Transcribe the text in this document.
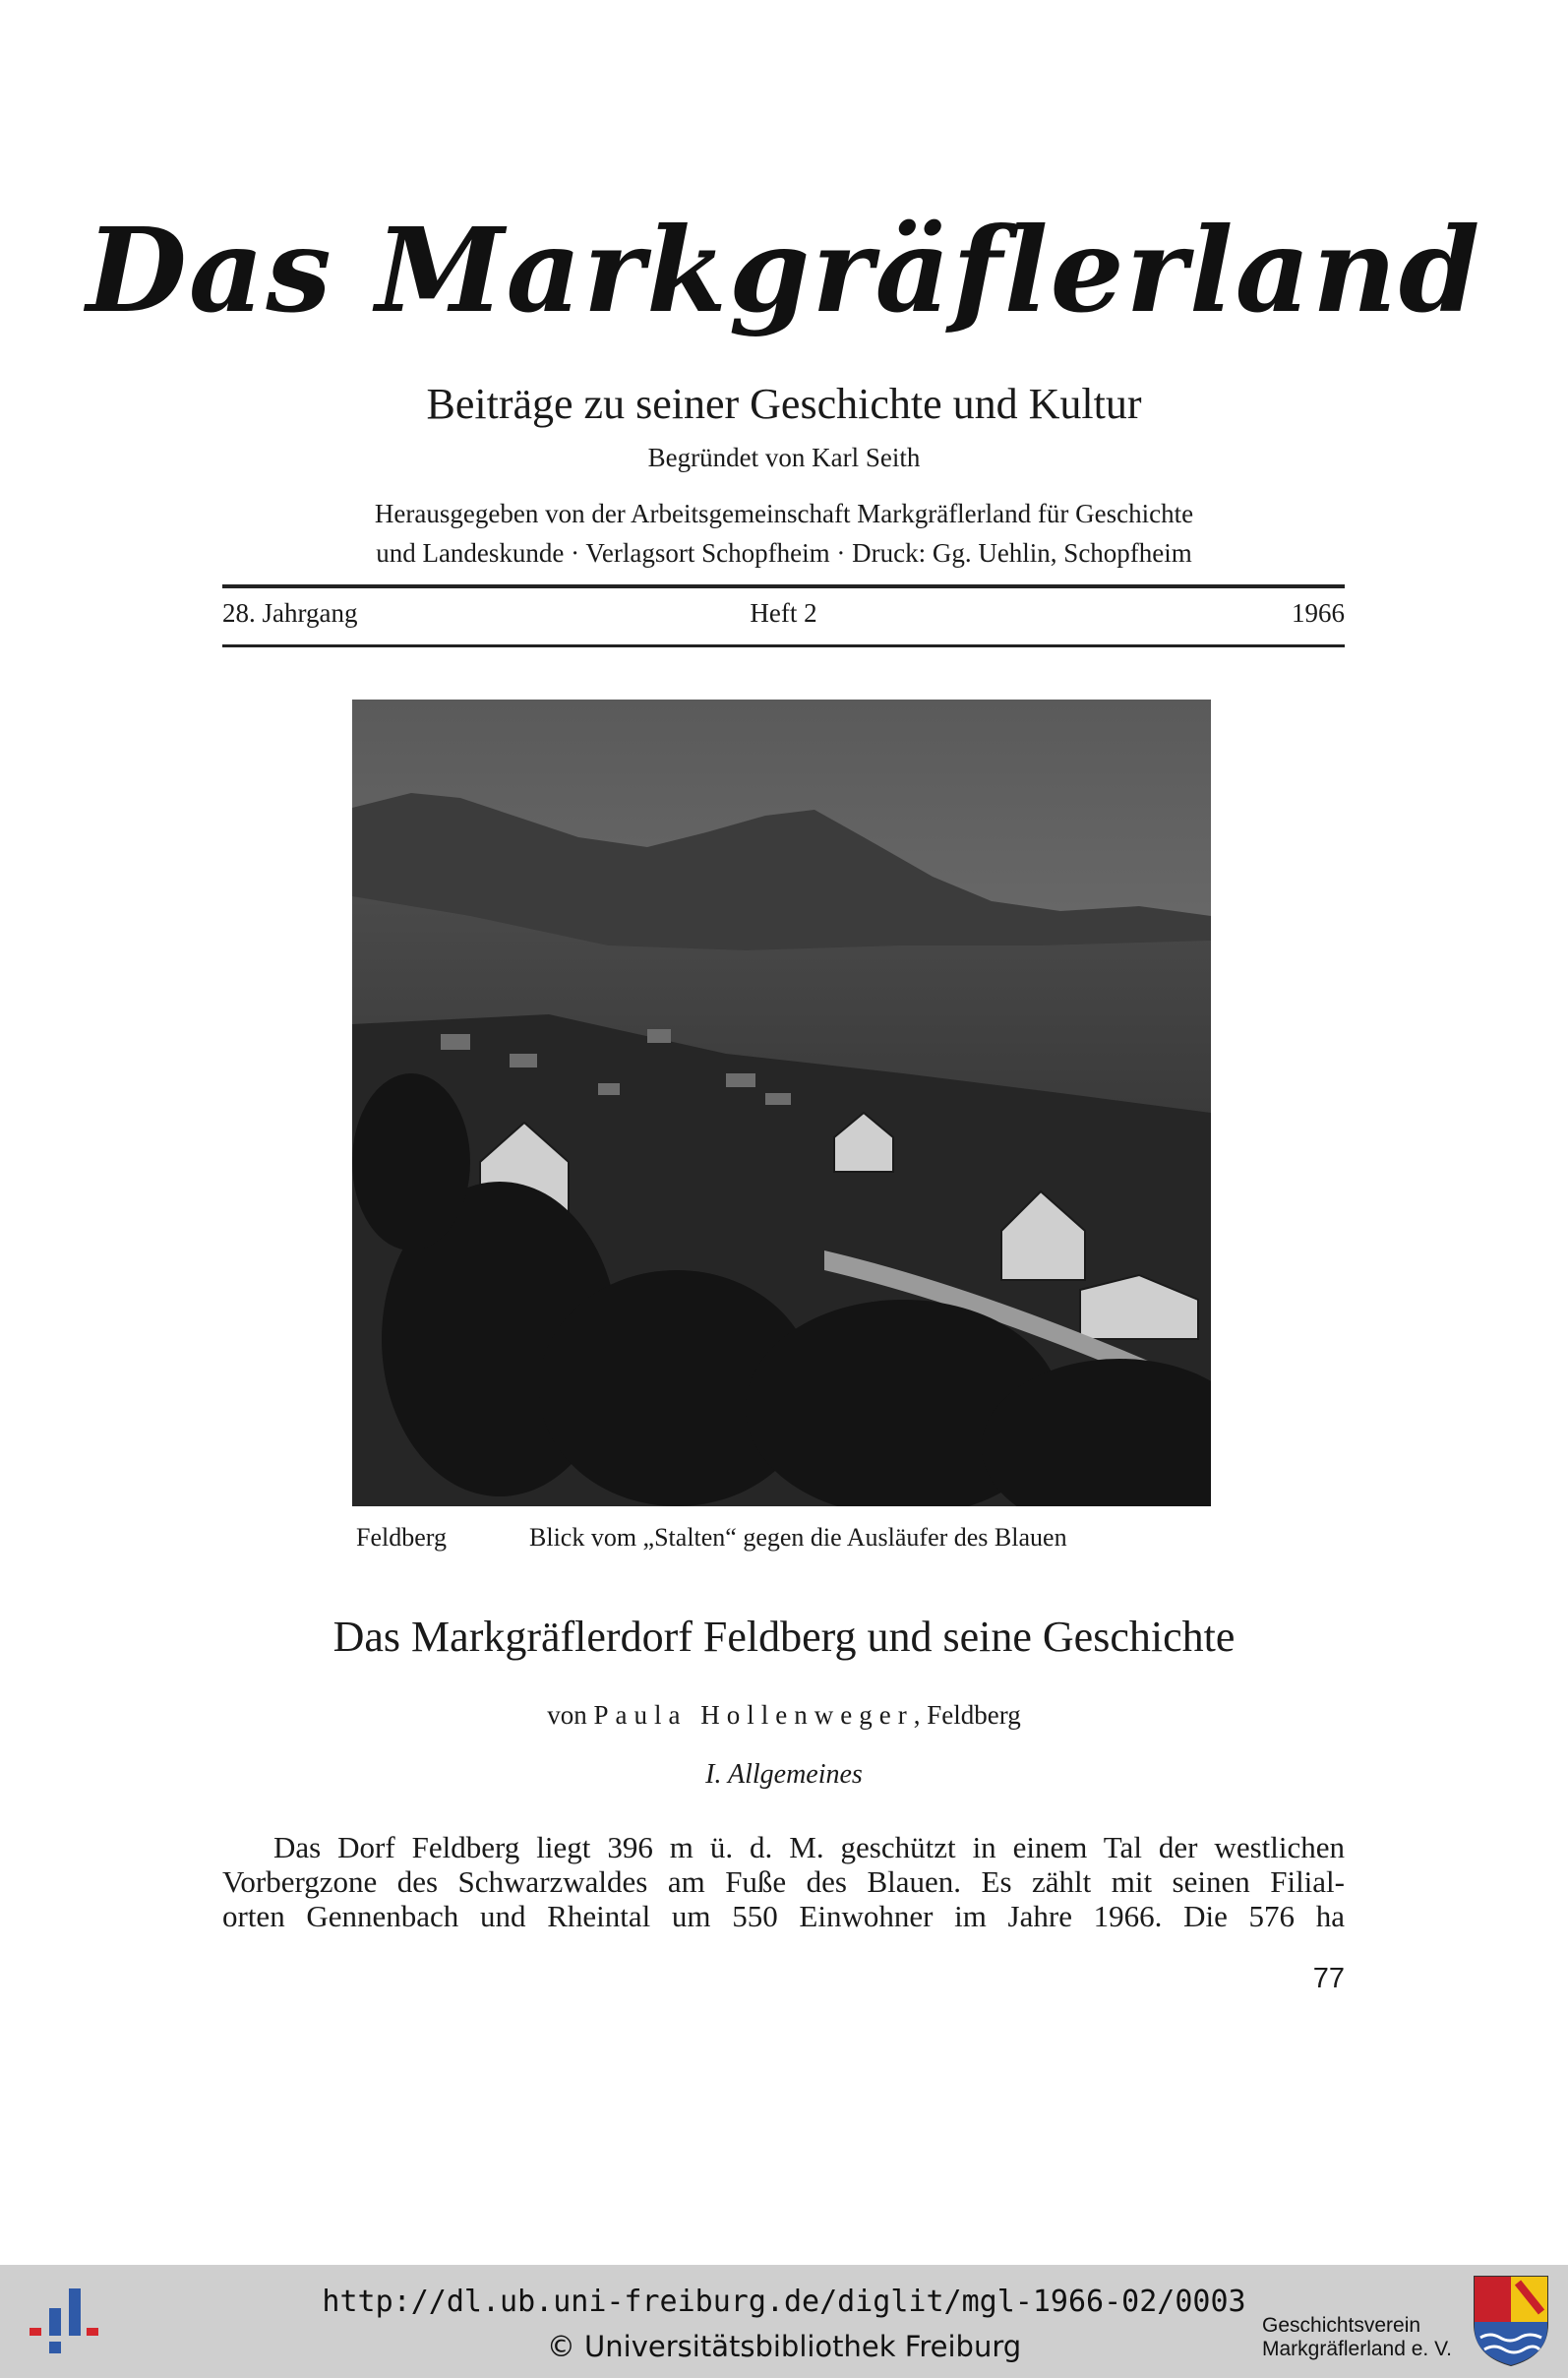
Das Markgräflerland
Beiträge zu seiner Geschichte und Kultur
Begründet von Karl Seith
Herausgegeben von der Arbeitsgemeinschaft Markgräflerland für Geschichte
und Landeskunde · Verlagsort Schopfheim · Druck: Gg. Uehlin, Schopfheim
28. Jahrgang	Heft 2	1966
Feldberg	Blick vom „Stalten“ gegen die Ausläufer des Blauen
Das Markgräflerdorf Feldberg und seine Geschichte
von Paula Hollenweger, Feldberg
I. Allgemeines
Das Dorf Feldberg liegt 396 m ü. d. M. geschützt in einem Tal der westlichen
Vorbergzone des Schwarzwaldes am Fuße des Blauen. Es zählt mit seinen Filial-
orten Gennenbach und Rheintal um 550 Einwohner im Jahre 1966. Die 576 ha
77
http://dl.ub.uni-freiburg.de/diglit/mgl-1966-02/0003
© Universitätsbibliothek Freiburg
Geschichtsverein
Markgräflerland e. V.
